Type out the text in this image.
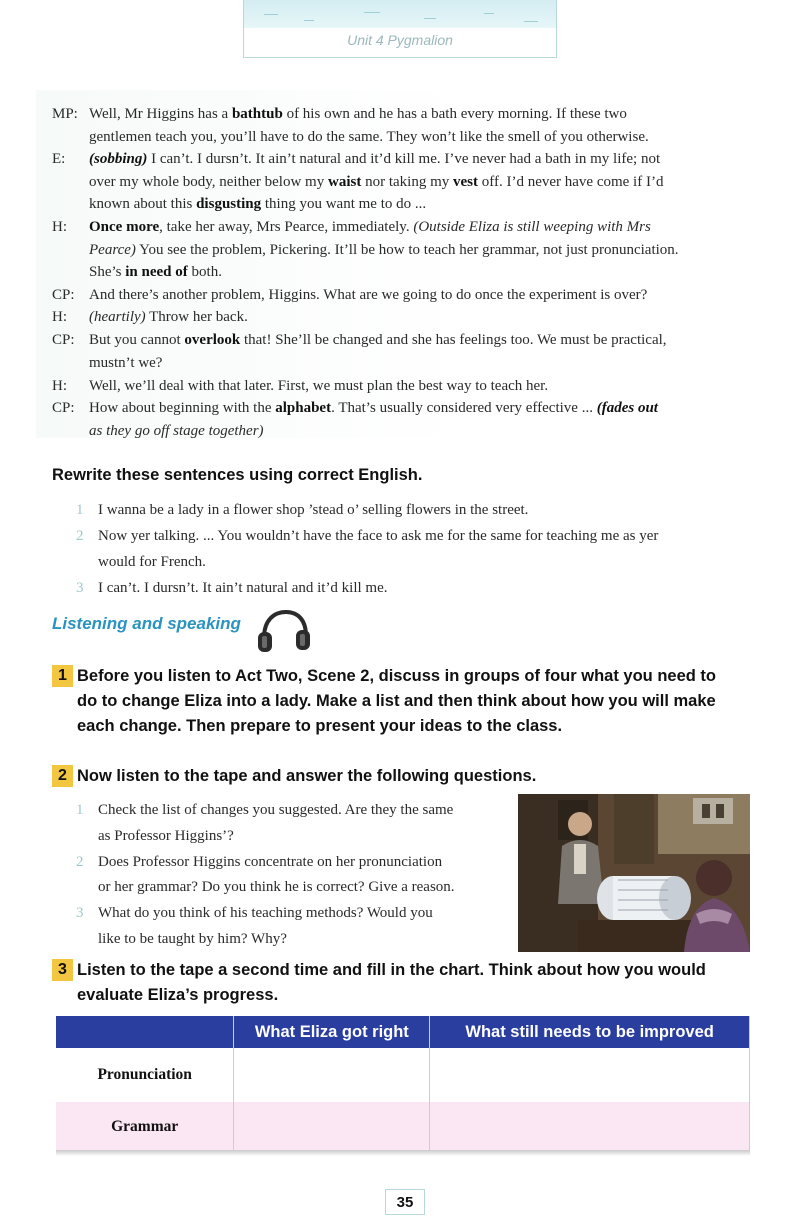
Unit 4 Pygmalion
MP: Well, Mr Higgins has a bathtub of his own and he has a bath every morning. If these two
gentlemen teach you, you’ll have to do the same. They won’t like the smell of you otherwise.
E: (sobbing) I can’t. I dursn’t. It ain’t natural and it’d kill me. I’ve never had a bath in my life; not
over my whole body, neither below my waist nor taking my vest off. I’d never have come if I’d
known about this disgusting thing you want me to do ...
H: Once more, take her away, Mrs Pearce, immediately. (Outside Eliza is still weeping with Mrs
Pearce) You see the problem, Pickering. It’ll be how to teach her grammar, not just pronunciation.
She’s in need of both.
CP: And there’s another problem, Higgins. What are we going to do once the experiment is over?
H: (heartily) Throw her back.
CP: But you cannot overlook that! She’ll be changed and she has feelings too. We must be practical,
mustn’t we?
H: Well, we’ll deal with that later. First, we must plan the best way to teach her.
CP: How about beginning with the alphabet. That’s usually considered very effective ... (fades out
as they go off stage together)
Rewrite these sentences using correct English.
1 I wanna be a lady in a flower shop ’stead o’ selling flowers in the street.
2 Now yer talking. ... You wouldn’t have the face to ask me for the same for teaching me as yer
would for French.
3 I can’t. I dursn’t. It ain’t natural and it’d kill me.
Listening and speaking
1 Before you listen to Act Two, Scene 2, discuss in groups of four what you need to
do to change Eliza into a lady. Make a list and then think about how you will make
each change. Then prepare to present your ideas to the class.
2 Now listen to the tape and answer the following questions.
1 Check the list of changes you suggested. Are they the same
as Professor Higgins’?
2 Does Professor Higgins concentrate on her pronunciation
or her grammar? Do you think he is correct? Give a reason.
3 What do you think of his teaching methods? Would you
like to be taught by him? Why?
3 Listen to the tape a second time and fill in the chart. Think about how you would
evaluate Eliza’s progress.
	What Eliza got right	What still needs to be improved
Pronunciation		
Grammar		
35
